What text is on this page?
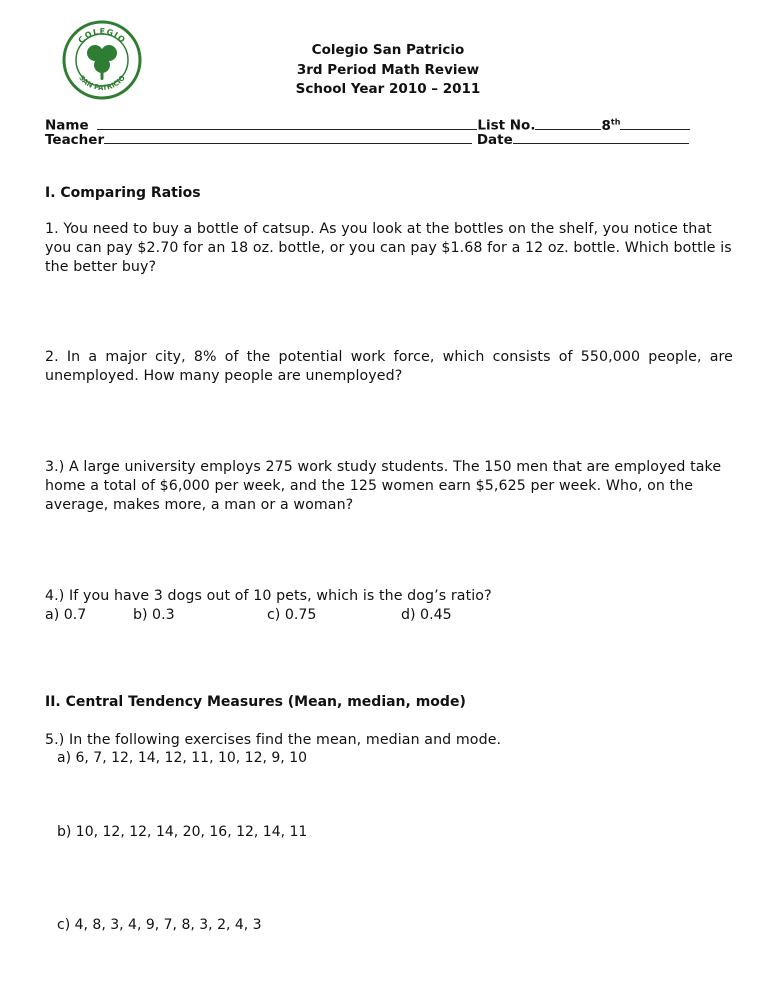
COLEGIO
SAN PATRICIO
Colegio San Patricio
3rd Period Math Review
School Year 2010 – 2011
Name	List No.	8th
Teacher	Date
I. Comparing Ratios
1. You need to buy a bottle of catsup. As you look at the bottles on the shelf, you notice that you can pay $2.70 for an 18 oz. bottle, or you can pay $1.68 for a 12 oz. bottle. Which bottle is the better buy?
2. In a major city, 8% of the potential work force, which consists of 550,000 people, are unemployed. How many people are unemployed?
3.) A large university employs 275 work study students. The 150 men that are employed take home a total of $6,000 per week, and the 125 women earn $5,625 per week. Who, on the average, makes more, a man or a woman?
4.) If you have 3 dogs out of 10 pets, which is the dog’s ratio?
a) 0.7	b) 0.3	c) 0.75	d) 0.45
II. Central Tendency Measures (Mean, median, mode)
5.) In the following exercises find the mean, median and mode.
a) 6, 7, 12, 14, 12, 11, 10, 12, 9, 10
b) 10, 12, 12, 14, 20, 16, 12, 14, 11
c) 4, 8, 3, 4, 9, 7, 8, 3, 2, 4, 3
